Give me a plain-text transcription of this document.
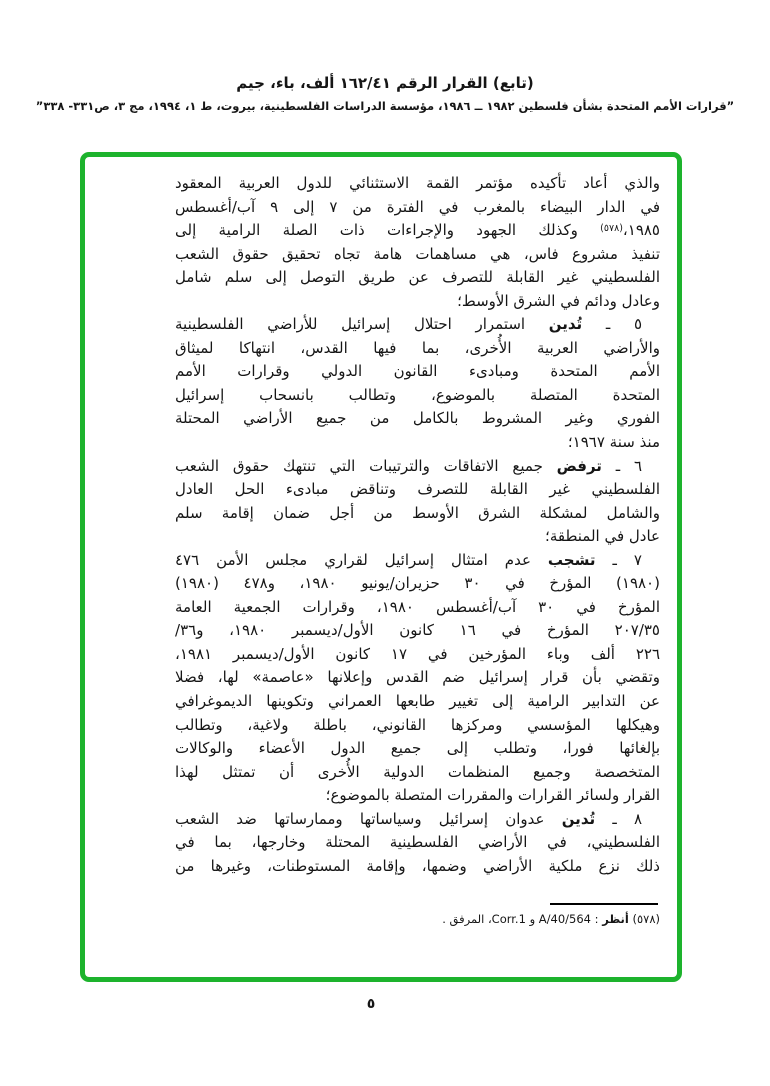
(تابع) القرار الرقم ١٦٢/٤١ ألف، باء، جيم
”قرارات الأمم المتحدة بشأن فلسطين ١٩٨٢ ــ ١٩٨٦، مؤسسة الدراسات الفلسطينية، بيروت، ط ١، ١٩٩٤، مج ٣، ص٣٣١- ٣٣٨”
والذي أعاد تأكيده مؤتمر القمة الاستثنائي للدول العربية المعقود
في الدار البيضاء بالمغرب في الفترة من ٧ إلى ٩ آب/أغسطس
١٩٨٥،$^{(٥٧٨)}$ وكذلك الجهود والإجراءات ذات الصلة الرامية إلى
تنفيذ مشروع فاس، هي مساهمات هامة تجاه تحقيق حقوق الشعب
الفلسطيني غير القابلة للتصرف عن طريق التوصل إلى سلم شامل
وعادل ودائم في الشرق الأوسط؛
٥ ـ تُدين استمرار احتلال إسرائيل للأراضي الفلسطينية
والأراضي العربية الأُخرى، بما فيها القدس، انتهاكا لميثاق
الأمم المتحدة ومبادىء القانون الدولي وقرارات الأمم
المتحدة المتصلة بالموضوع، وتطالب بانسحاب إسرائيل
الفوري وغير المشروط بالكامل من جميع الأراضي المحتلة
منذ سنة ١٩٦٧؛
٦ ـ ترفض جميع الاتفاقات والترتيبات التي تنتهك حقوق الشعب
الفلسطيني غير القابلة للتصرف وتناقض مبادىء الحل العادل
والشامل لمشكلة الشرق الأوسط من أجل ضمان إقامة سلم
عادل في المنطقة؛
٧ ـ تشجب عدم امتثال إسرائيل لقراري مجلس الأمن ٤٧٦
(١٩٨٠) المؤرخ في ٣٠ حزيران/يونيو ١٩٨٠، و٤٧٨ (١٩٨٠)
المؤرخ في ٣٠ آب/أغسطس ١٩٨٠، وقرارات الجمعية العامة
٢٠٧/٣٥ المؤرخ في ١٦ كانون الأول/ديسمبر ١٩٨٠، و٣٦/
٢٢٦ ألف وباء المؤرخين في ١٧ كانون الأول/ديسمبر ١٩٨١،
وتقضي بأن قرار إسرائيل ضم القدس وإعلانها «عاصمة» لها، فضلا
عن التدابير الرامية إلى تغيير طابعها العمراني وتكوينها الديموغرافي
وهيكلها المؤسسي ومركزها القانوني، باطلة ولاغية، وتطالب
بإلغائها فورا، وتطلب إلى جميع الدول الأعضاء والوكالات
المتخصصة وجميع المنظمات الدولية الأُخرى أن تمتثل لهذا
القرار ولسائر القرارات والمقررات المتصلة بالموضوع؛
٨ ـ تُدين عدوان إسرائيل وسياساتها وممارساتها ضد الشعب
الفلسطيني، في الأراضي الفلسطينية المحتلة وخارجها، بما في
ذلك نزع ملكية الأراضي وضمها، وإقامة المستوطنات، وغيرها من
(٥٧٨) أنظر : A/40/564 و Corr.1، المرفق .
٥
